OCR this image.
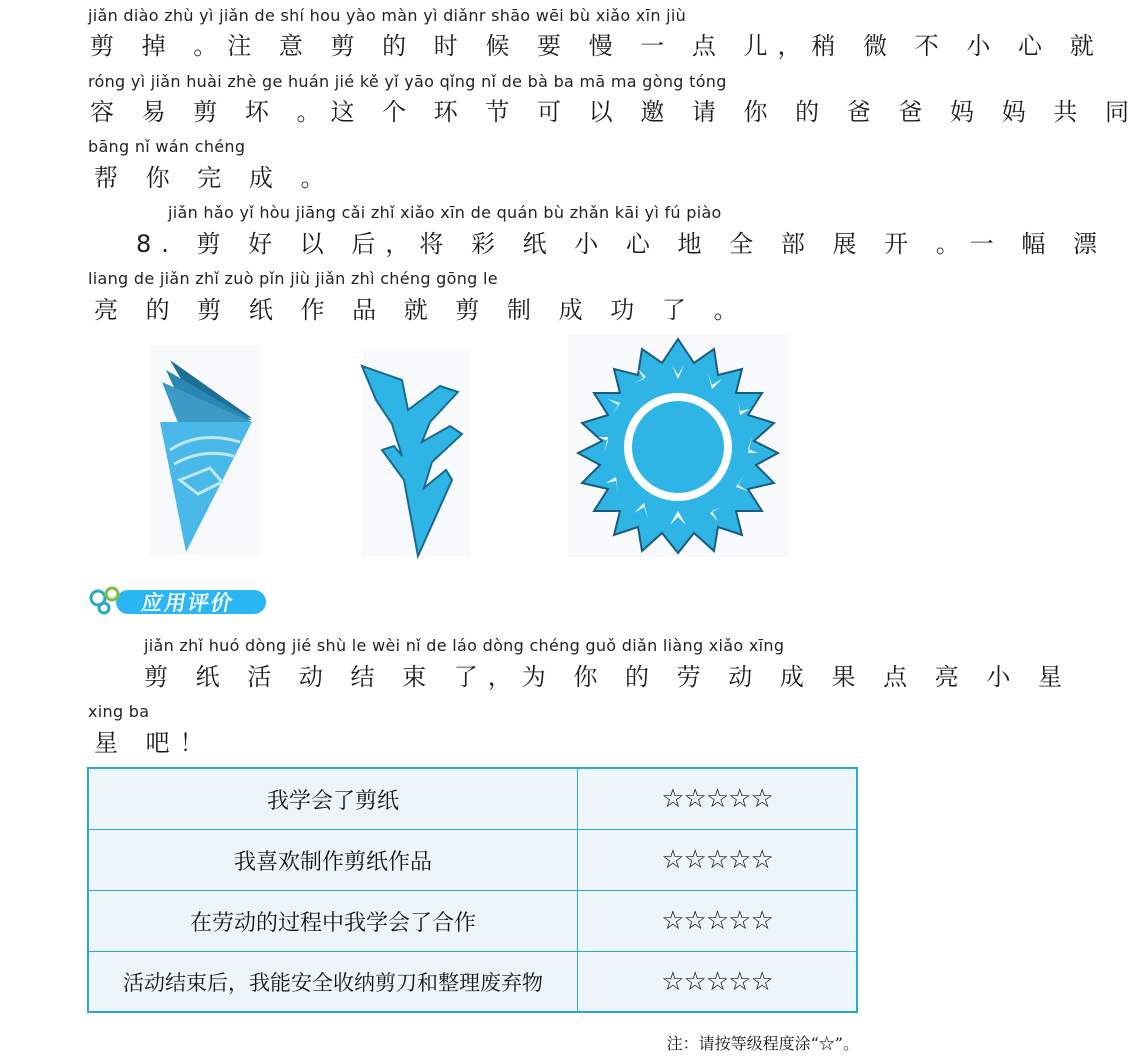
jiǎn diào zhù yì jiǎn de shí hou yào màn yì diǎnr shāo wēi bù xiǎo xīn jiù
剪 掉 。注 意 剪 的 时 候 要 慢 一 点 儿，稍 微 不 小 心 就
róng yì jiǎn huài zhè ge huán jié kě yǐ yāo qǐng nǐ de bà ba mā ma gòng tóng
容 易 剪 坏 。这 个 环 节 可 以 邀 请 你 的 爸 爸 妈 妈 共 同
bāng nǐ wán chéng
帮 你 完 成 。
jiǎn hǎo yǐ hòu jiāng cǎi zhǐ xiǎo xīn de quán bù zhǎn kāi yì fú piào
8. 剪 好 以 后，将 彩 纸 小 心 地 全 部 展 开 。一 幅 漂
liang de jiǎn zhǐ zuò pǐn jiù jiǎn zhì chéng gōng le
亮 的 剪 纸 作 品 就 剪 制 成 功 了 。
应用评价
jiǎn zhǐ huó dòng jié shù le wèi nǐ de láo dòng chéng guǒ diǎn liàng xiǎo xīng
剪 纸 活 动 结 束 了，为 你 的 劳 动 成 果 点 亮 小 星
xing ba
星 吧！
我学会了剪纸	☆☆☆☆☆
我喜欢制作剪纸作品	☆☆☆☆☆
在劳动的过程中我学会了合作	☆☆☆☆☆
活动结束后，我能安全收纳剪刀和整理废弃物	☆☆☆☆☆
注：请按等级程度涂“☆”。
